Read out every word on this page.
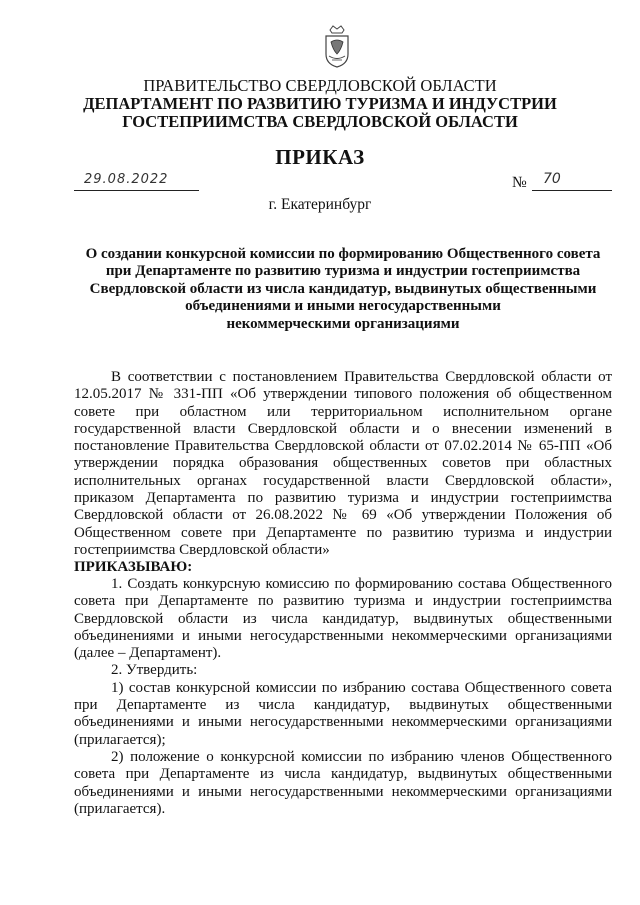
ПРАВИТЕЛЬСТВО СВЕРДЛОВСКОЙ ОБЛАСТИ
ДЕПАРТАМЕНТ ПО РАЗВИТИЮ ТУРИЗМА И ИНДУСТРИИ
ГОСТЕПРИИМСТВА СВЕРДЛОВСКОЙ ОБЛАСТИ
ПРИКАЗ
29.08.2022	№ 70
г. Екатеринбург
О создании конкурсной комиссии по формированию Общественного совета
при Департаменте по развитию туризма и индустрии гостеприимства
Свердловской области из числа кандидатур, выдвинутых общественными
объединениями и иными негосударственными
некоммерческими организациями

В соответствии с постановлением Правительства Свердловской области от 12.05.2017 № 331-ПП «Об утверждении типового положения об общественном совете при областном или территориальном исполнительном органе государственной власти Свердловской области и о внесении изменений в постановление Правительства Свердловской области от 07.02.2014 № 65-ПП «Об утверждении порядка образования общественных советов при областных исполнительных органах государственной власти Свердловской области», приказом Департамента по развитию туризма и индустрии гостеприимства Свердловской области от 26.08.2022 № 69 «Об утверждении Положения об Общественном совете при Департаменте по развитию туризма и индустрии гостеприимства Свердловской области»

ПРИКАЗЫВАЮ:

1. Создать конкурсную комиссию по формированию состава Общественного совета при Департаменте по развитию туризма и индустрии гостеприимства Свердловской области из числа кандидатур, выдвинутых общественными объединениями и иными негосударственными некоммерческими организациями (далее – Департамент).

2. Утвердить:

1) состав конкурсной комиссии по избранию состава Общественного совета при Департаменте из числа кандидатур, выдвинутых общественными объединениями и иными негосударственными некоммерческими организациями (прилагается);

2) положение о конкурсной комиссии по избранию членов Общественного совета при Департаменте из числа кандидатур, выдвинутых общественными объединениями и иными негосударственными некоммерческими организациями (прилагается).
